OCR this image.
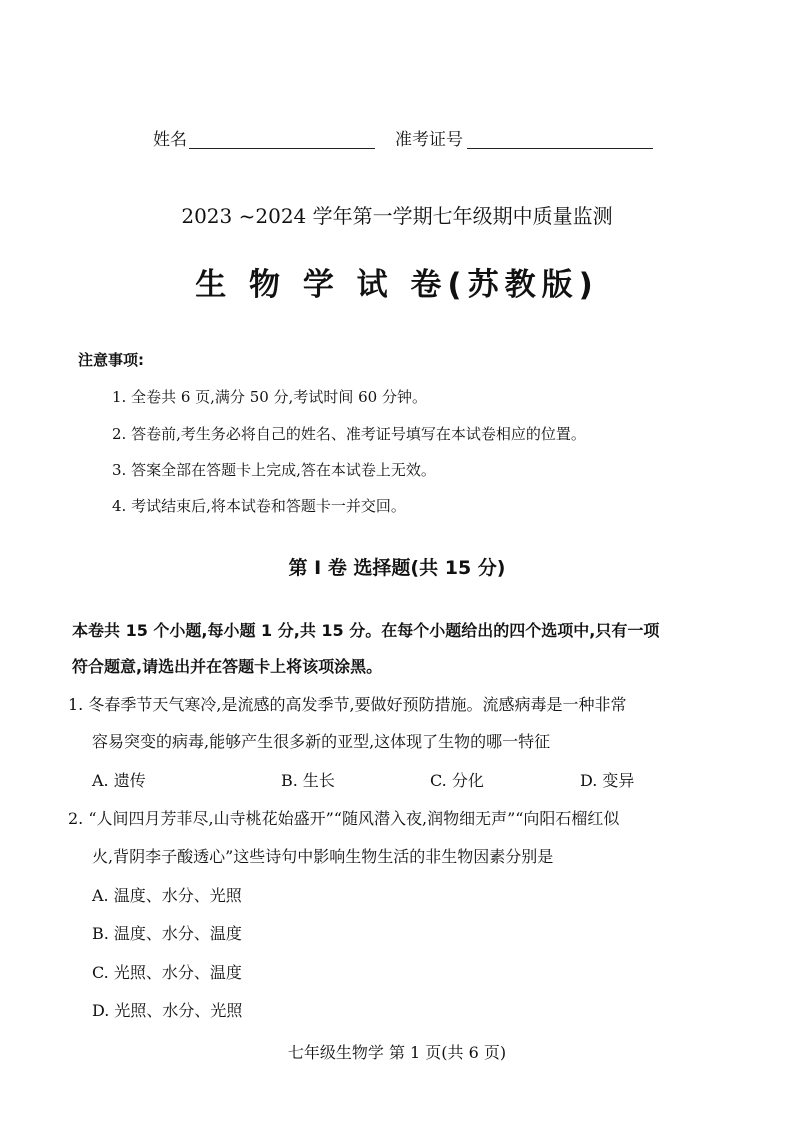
姓名	准考证号
2023 ~2024 学年第一学期七年级期中质量监测
生 物 学 试 卷(苏教版)
注意事项:
1. 全卷共 6 页,满分 50 分,考试时间 60 分钟。
2. 答卷前,考生务必将自己的姓名、准考证号填写在本试卷相应的位置。
3. 答案全部在答题卡上完成,答在本试卷上无效。
4. 考试结束后,将本试卷和答题卡一并交回。
第 I 卷 选择题(共 15 分)
本卷共 15 个小题,每小题 1 分,共 15 分。在每个小题给出的四个选项中,只有一项
符合题意,请选出并在答题卡上将该项涂黑。
1. 冬春季节天气寒冷,是流感的高发季节,要做好预防措施。流感病毒是一种非常
容易突变的病毒,能够产生很多新的亚型,这体现了生物的哪一特征
A. 遗传	B. 生长	C. 分化	D. 变异
2. “人间四月芳菲尽,山寺桃花始盛开”“随风潜入夜,润物细无声”“向阳石榴红似
火,背阴李子酸透心”这些诗句中影响生物生活的非生物因素分别是
A. 温度、水分、光照
B. 温度、水分、温度
C. 光照、水分、温度
D. 光照、水分、光照
七年级生物学 第 1 页(共 6 页)
